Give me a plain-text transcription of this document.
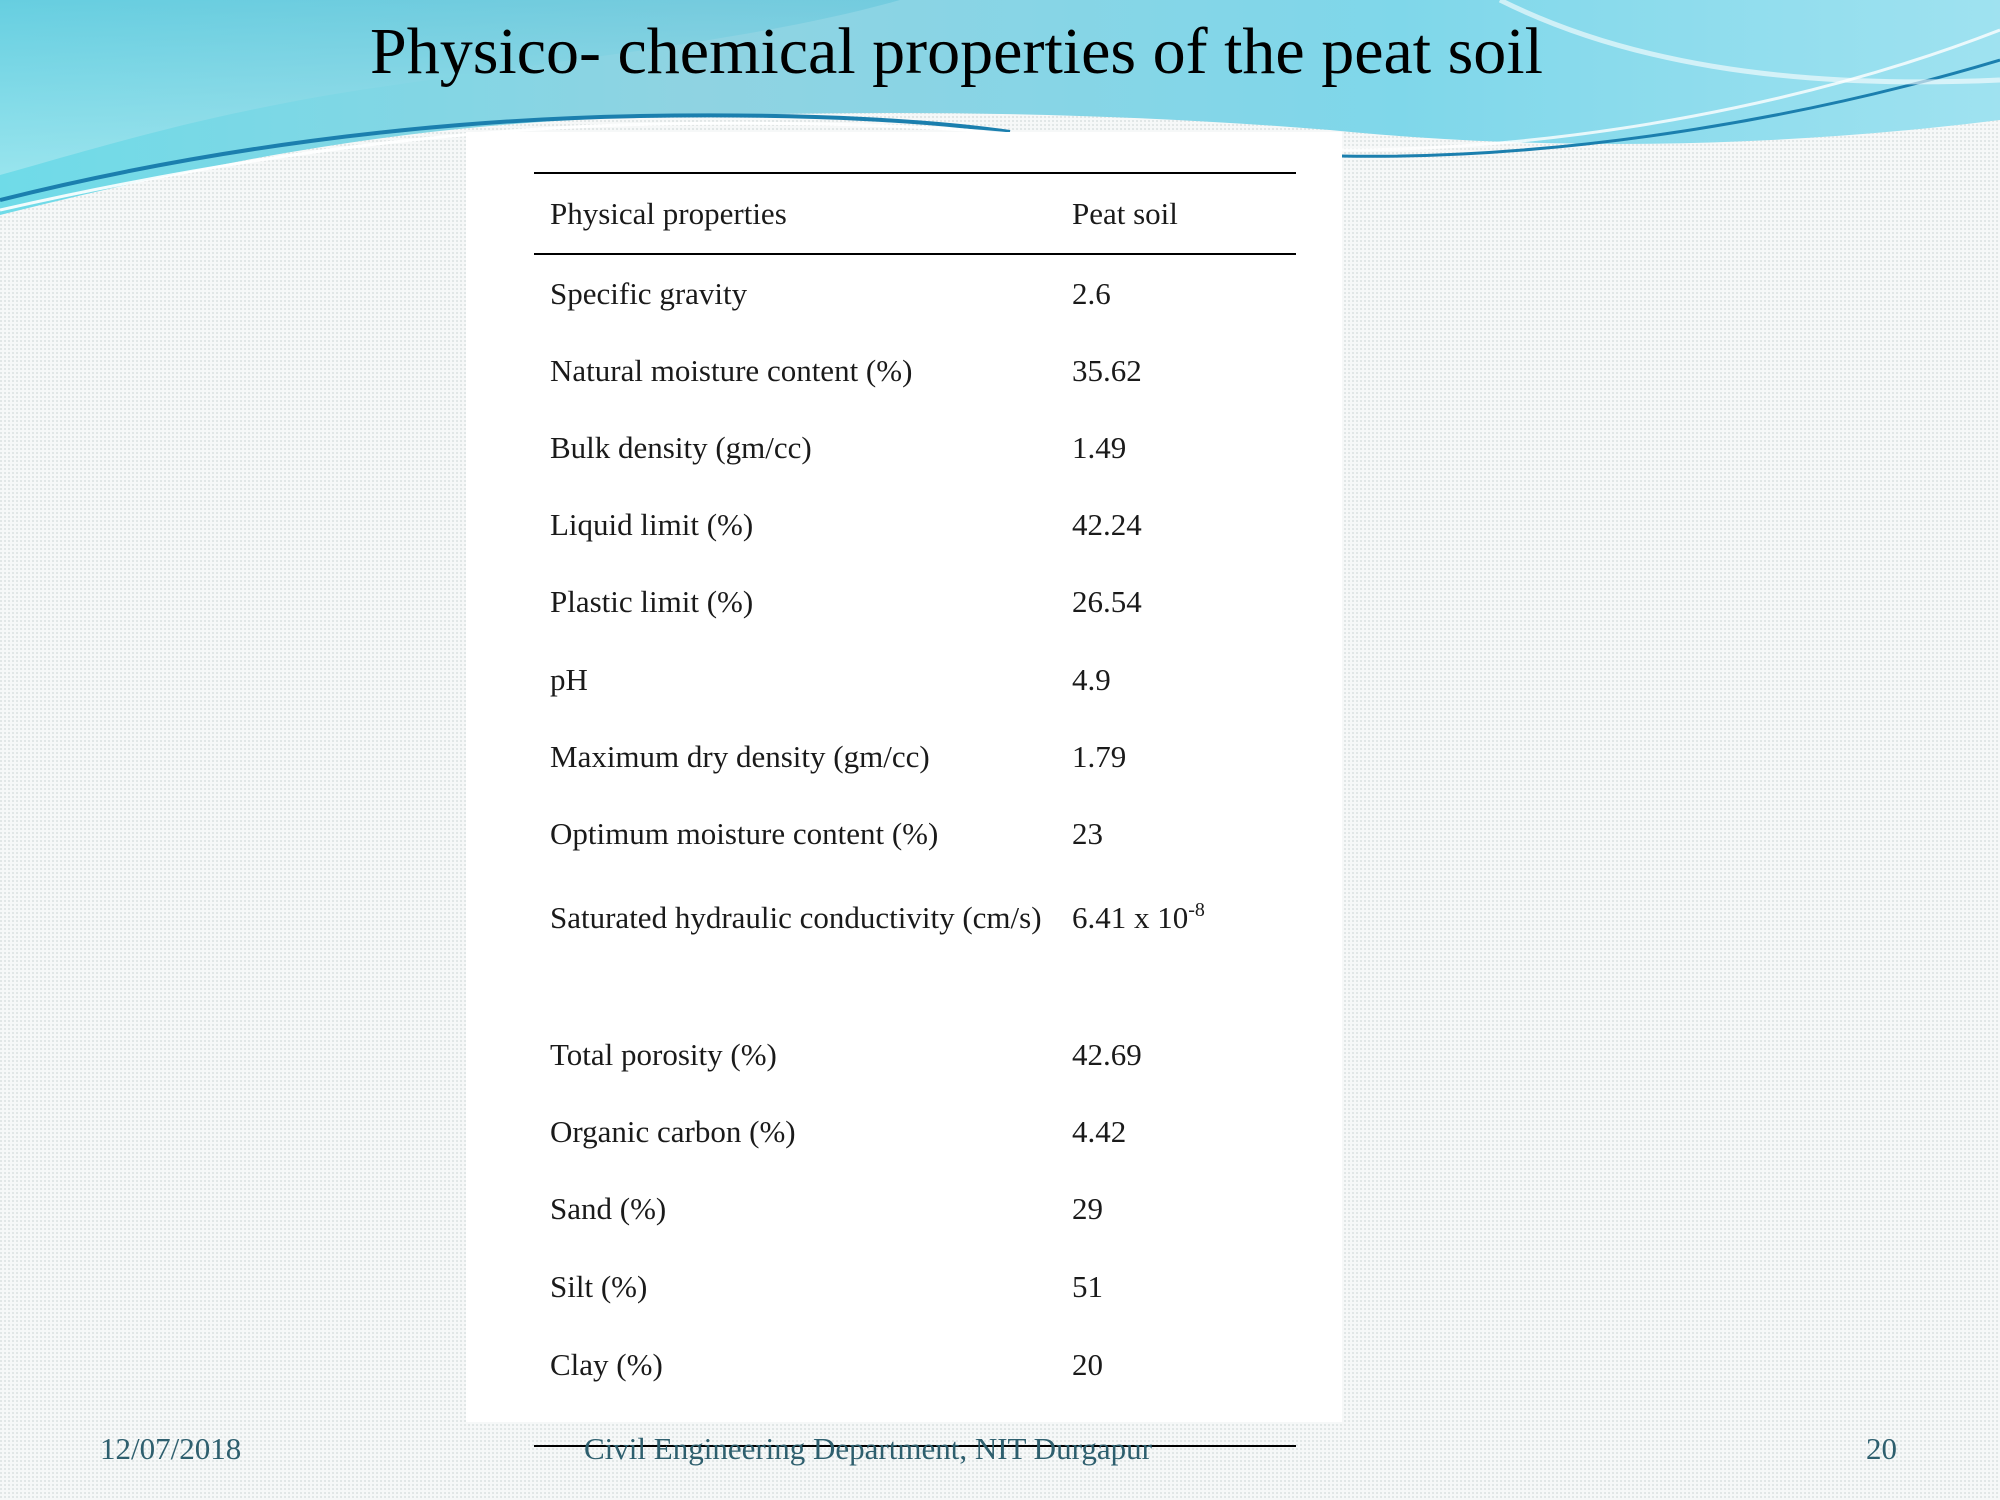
Physico- chemical properties of the peat soil
Physical properties	Peat soil
Specific gravity	2.6
Natural moisture content (%)	35.62
Bulk density (gm/cc)	1.49
Liquid limit (%)	42.24
Plastic limit (%)	26.54
pH	4.9
Maximum dry density (gm/cc)	1.79
Optimum moisture content (%)	23
Saturated hydraulic conductivity (cm/s)	6.41 x $10^{-8}$
Total porosity (%)	42.69
Organic carbon (%)	4.42
Sand (%)	29
Silt (%)	51
Clay (%)	20
12/07/2018	Civil Engineering Department, NIT Durgapur	20
